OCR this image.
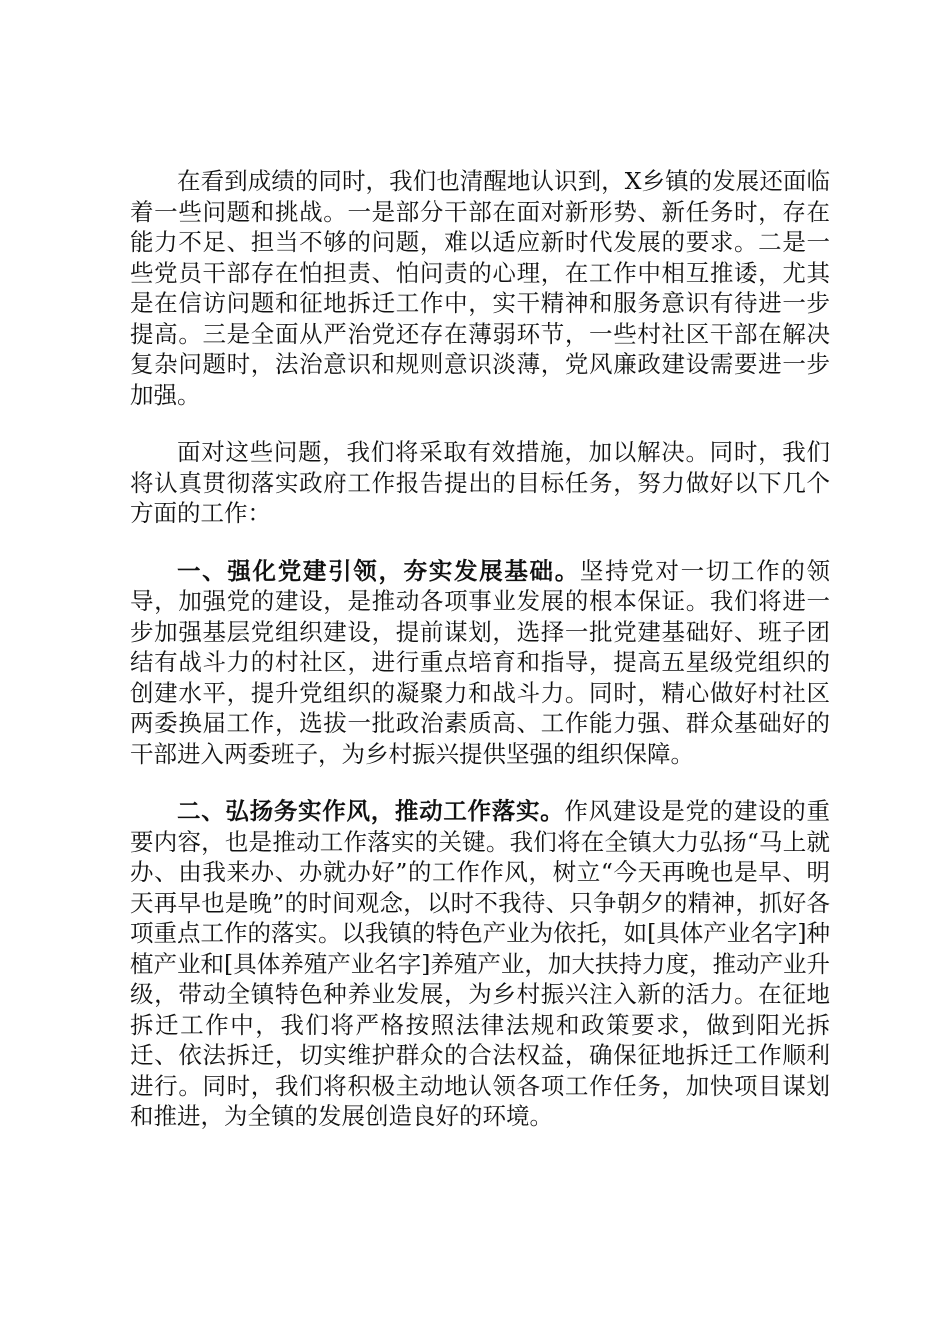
在看到成绩的同时，我们也清醒地认识到，X乡镇的发展还面临着一些问题和挑战。一是部分干部在面对新形势、新任务时，存在能力不足、担当不够的问题，难以适应新时代发展的要求。二是一些党员干部存在怕担责、怕问责的心理，在工作中相互推诿，尤其是在信访问题和征地拆迁工作中，实干精神和服务意识有待进一步提高。三是全面从严治党还存在薄弱环节，一些村社区干部在解决复杂问题时，法治意识和规则意识淡薄，党风廉政建设需要进一步加强。

面对这些问题，我们将采取有效措施，加以解决。同时，我们将认真贯彻落实政府工作报告提出的目标任务，努力做好以下几个方面的工作：

一、强化党建引领，夯实发展基础。坚持党对一切工作的领导，加强党的建设，是推动各项事业发展的根本保证。我们将进一步加强基层党组织建设，提前谋划，选择一批党建基础好、班子团结有战斗力的村社区，进行重点培育和指导，提高五星级党组织的创建水平，提升党组织的凝聚力和战斗力。同时，精心做好村社区两委换届工作，选拔一批政治素质高、工作能力强、群众基础好的干部进入两委班子，为乡村振兴提供坚强的组织保障。

二、弘扬务实作风，推动工作落实。作风建设是党的建设的重要内容，也是推动工作落实的关键。我们将在全镇大力弘扬“马上就办、由我来办、办就办好”的工作作风，树立“今天再晚也是早、明天再早也是晚”的时间观念，以时不我待、只争朝夕的精神，抓好各项重点工作的落实。以我镇的特色产业为依托，如[具体产业名字]种植产业和[具体养殖产业名字]养殖产业，加大扶持力度，推动产业升级，带动全镇特色种养业发展，为乡村振兴注入新的活力。在征地拆迁工作中，我们将严格按照法律法规和政策要求，做到阳光拆迁、依法拆迁，切实维护群众的合法权益，确保征地拆迁工作顺利进行。同时，我们将积极主动地认领各项工作任务，加快项目谋划和推进，为全镇的发展创造良好的环境。
